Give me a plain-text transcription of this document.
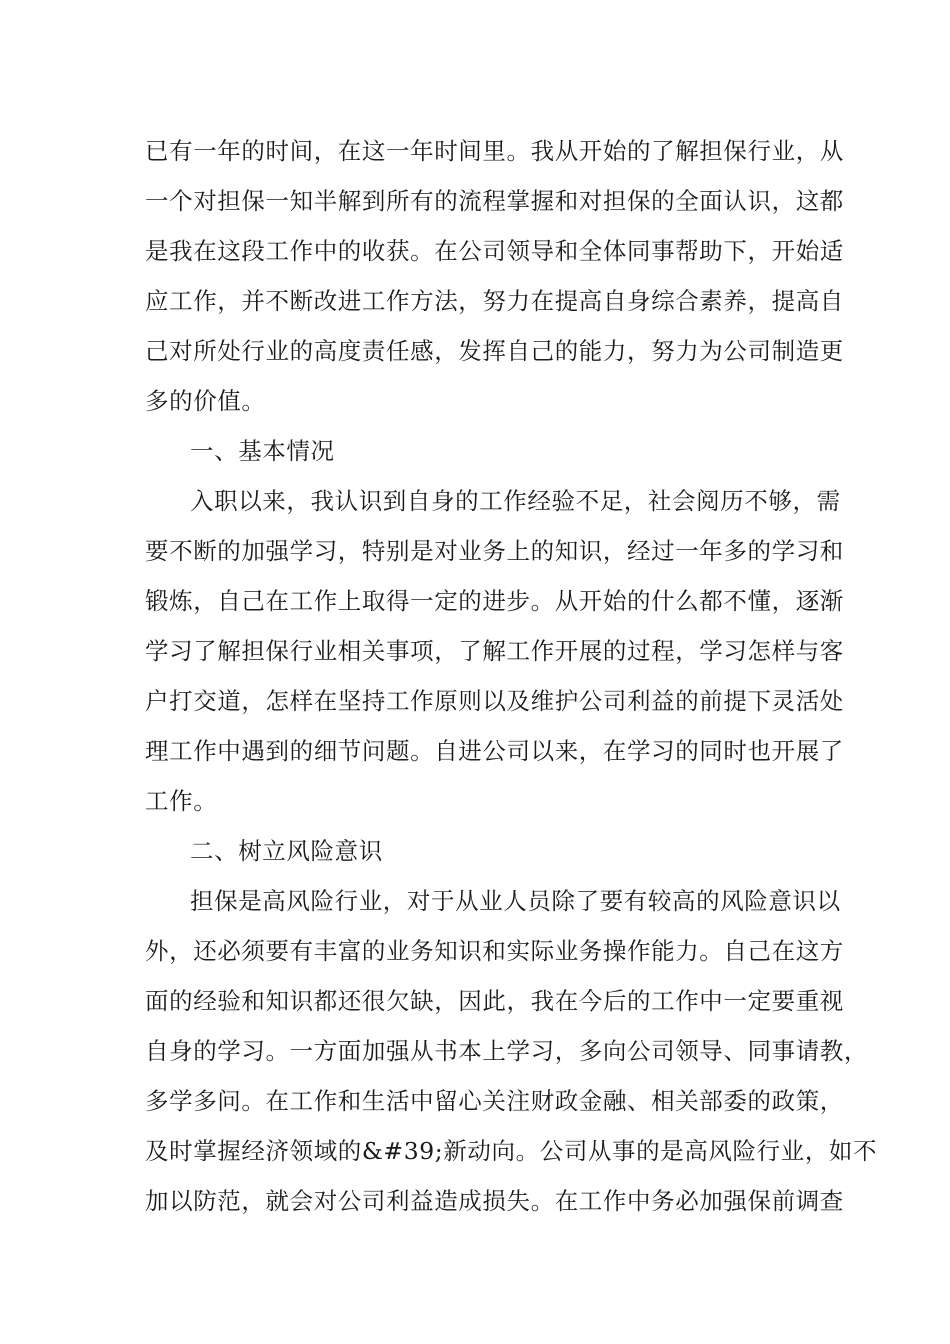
已有一年的时间，在这一年时间里。我从开始的了解担保行业，从
一个对担保一知半解到所有的流程掌握和对担保的全面认识，这都
是我在这段工作中的收获。在公司领导和全体同事帮助下，开始适
应工作，并不断改进工作方法，努力在提高自身综合素养，提高自
己对所处行业的高度责任感，发挥自己的能力，努力为公司制造更
多的价值。
一、基本情况
入职以来，我认识到自身的工作经验不足，社会阅历不够，需
要不断的加强学习，特别是对业务上的知识，经过一年多的学习和
锻炼，自己在工作上取得一定的进步。从开始的什么都不懂，逐渐
学习了解担保行业相关事项，了解工作开展的过程，学习怎样与客
户打交道，怎样在坚持工作原则以及维护公司利益的前提下灵活处
理工作中遇到的细节问题。自进公司以来，在学习的同时也开展了
工作。
二、树立风险意识
担保是高风险行业，对于从业人员除了要有较高的风险意识以
外，还必须要有丰富的业务知识和实际业务操作能力。自己在这方
面的经验和知识都还很欠缺，因此，我在今后的工作中一定要重视
自身的学习。一方面加强从书本上学习，多向公司领导、同事请教，
多学多问。在工作和生活中留心关注财政金融、相关部委的政策，
及时掌握经济领域的&#39;新动向。公司从事的是高风险行业，如不
加以防范，就会对公司利益造成损失。在工作中务必加强保前调查
